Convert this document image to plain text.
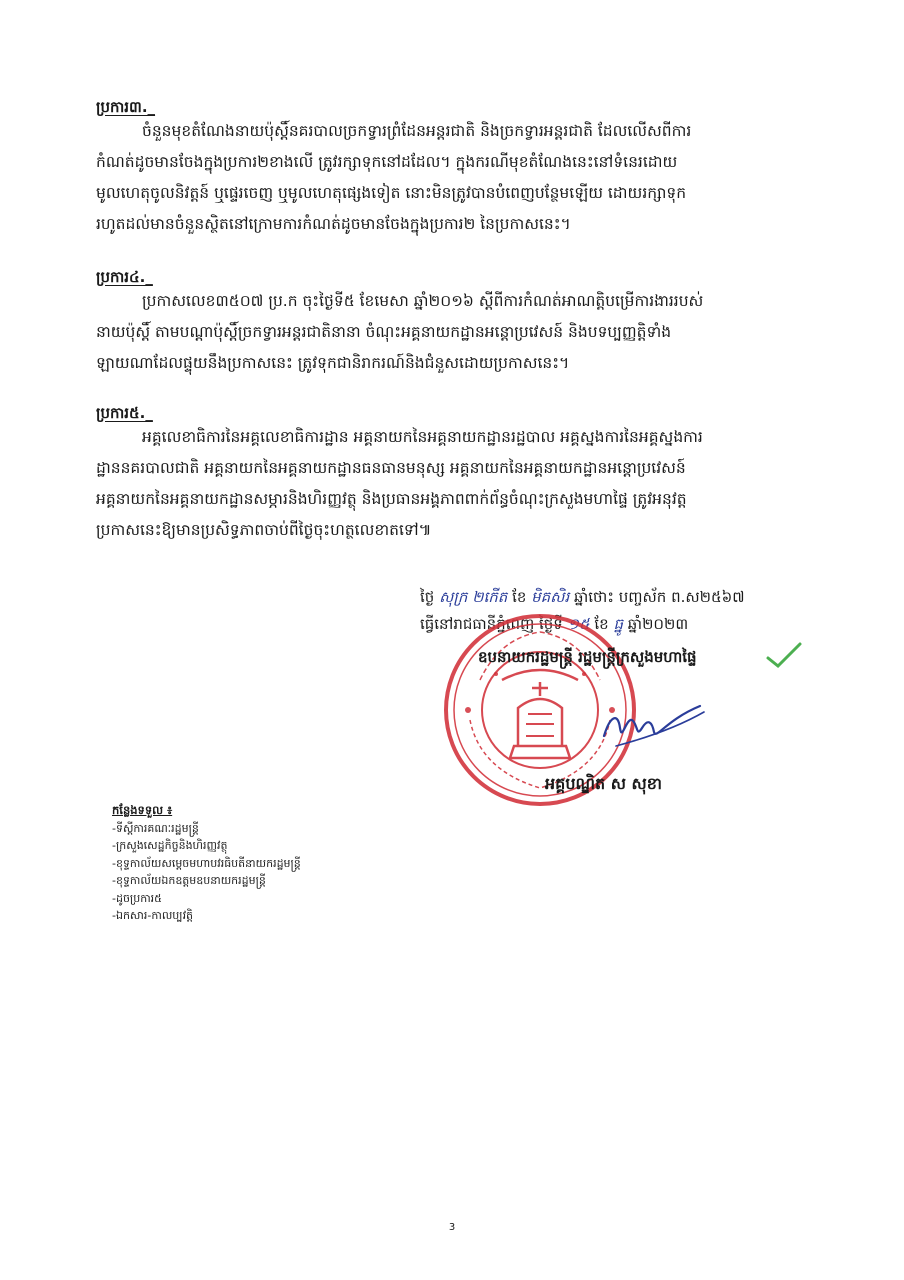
ប្រការ៣._
ចំនួនមុខតំណែងនាយប៉ុស្តិ៍នគរបាលច្រកទ្វារព្រំដែនអន្តរជាតិ និងច្រកទ្វារអន្តរជាតិ ដែលលើសពីការ
កំណត់ដូចមានចែងក្នុងប្រការ២ខាងលើ ត្រូវរក្សាទុកនៅដដែល។ ក្នុងករណីមុខតំណែងនេះនៅទំនេរដោយ
មូលហេតុចូលនិវត្តន៍ ឬផ្ទេរចេញ ឬមូលហេតុផ្សេងទៀត នោះមិនត្រូវបានបំពេញបន្ថែមឡើយ ដោយរក្សាទុក
រហូតដល់មានចំនួនស្ថិតនៅក្រោមការកំណត់ដូចមានចែងក្នុងប្រការ២ នៃប្រកាសនេះ។
ប្រការ៤._
ប្រកាសលេខ៣៥០៧ ប្រ.ក ចុះថ្ងៃទី៥ ខែមេសា ឆ្នាំ២០១៦ ស្តីពីការកំណត់អាណត្តិបម្រើការងាររបស់
នាយប៉ុស្តិ៍ តាមបណ្តាប៉ុស្តិ៍ច្រកទ្វារអន្តរជាតិនានា ចំណុះអគ្គនាយកដ្ឋានអន្តោប្រវេសន៍ និងបទប្បញ្ញត្តិទាំង
ឡាយណាដែលផ្ទុយនឹងប្រកាសនេះ ត្រូវទុកជានិរាករណ៍និងជំនួសដោយប្រកាសនេះ។
ប្រការ៥._
អគ្គលេខាធិការនៃអគ្គលេខាធិការដ្ឋាន អគ្គនាយកនៃអគ្គនាយកដ្ឋានរដ្ឋបាល អគ្គស្នងការនៃអគ្គស្នងការ
ដ្ឋាននគរបាលជាតិ អគ្គនាយកនៃអគ្គនាយកដ្ឋានធនធានមនុស្ស អគ្គនាយកនៃអគ្គនាយកដ្ឋានអន្តោប្រវេសន៍
អគ្គនាយកនៃអគ្គនាយកដ្ឋានសម្ភារនិងហិរញ្ញវត្ថុ និងប្រធានអង្គភាពពាក់ព័ន្ធចំណុះក្រសួងមហាផ្ទៃ ត្រូវអនុវត្ត
ប្រកាសនេះឱ្យមានប្រសិទ្ធភាពចាប់ពីថ្ងៃចុះហត្ថលេខាតទៅ៕
ថ្ងៃ សុក្រ ២កើត ខែ មិគសិរ ឆ្នាំថោះ បញ្ចស័ក ព.ស២៥៦៧
ធ្វើនៅរាជធានីភ្នំពេញ ថ្ងៃទី ១៥ ខែ ធ្នូ ឆ្នាំ២០២៣
ឧបនាយករដ្ឋមន្ត្រី រដ្ឋមន្ត្រីក្រសួងមហាផ្ទៃ
អគ្គបណ្ឌិត ស សុខា
កន្លែងទទួល ៖
-ទីស្តីការគណៈរដ្ឋមន្ត្រី
-ក្រសួងសេដ្ឋកិច្ចនិងហិរញ្ញវត្ថុ
-ខុទ្ទកាល័យសម្តេចមហាបវរធិបតីនាយករដ្ឋមន្ត្រី
-ខុទ្ទកាល័យឯកឧត្តមឧបនាយករដ្ឋមន្ត្រី
-ដូចប្រការ៥
-ឯកសារ-កាលប្បវត្តិ
3
